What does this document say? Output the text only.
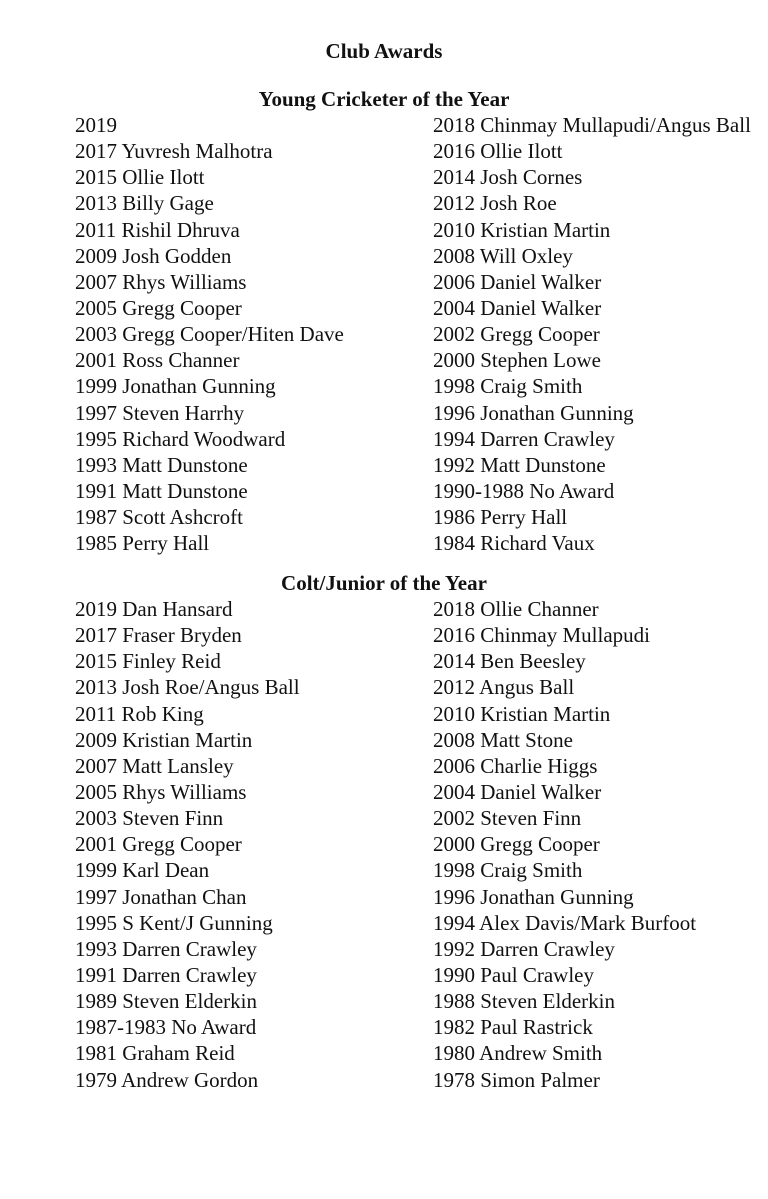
Club Awards
Young Cricketer of the Year
2019	2018 Chinmay Mullapudi/Angus Ball
2017 Yuvresh Malhotra	2016 Ollie Ilott
2015 Ollie Ilott	2014 Josh Cornes
2013 Billy Gage	2012 Josh Roe
2011 Rishil Dhruva	2010 Kristian Martin
2009 Josh Godden	2008 Will Oxley
2007 Rhys Williams	2006 Daniel Walker
2005 Gregg Cooper	2004 Daniel Walker
2003 Gregg Cooper/Hiten Dave	2002 Gregg Cooper
2001 Ross Channer	2000 Stephen Lowe
1999 Jonathan Gunning	1998 Craig Smith
1997 Steven Harrhy	1996 Jonathan Gunning
1995 Richard Woodward	1994 Darren Crawley
1993 Matt Dunstone	1992 Matt Dunstone
1991 Matt Dunstone	1990-1988 No Award
1987 Scott Ashcroft	1986 Perry Hall
1985 Perry Hall	1984 Richard Vaux
Colt/Junior of the Year
2019 Dan Hansard	2018 Ollie Channer
2017 Fraser Bryden	2016 Chinmay Mullapudi
2015 Finley Reid	2014 Ben Beesley
2013 Josh Roe/Angus Ball	2012 Angus Ball
2011 Rob King	2010 Kristian Martin
2009 Kristian Martin	2008 Matt Stone
2007 Matt Lansley	2006 Charlie Higgs
2005 Rhys Williams	2004 Daniel Walker
2003 Steven Finn	2002 Steven Finn
2001 Gregg Cooper	2000 Gregg Cooper
1999 Karl Dean	1998 Craig Smith
1997 Jonathan Chan	1996 Jonathan Gunning
1995 S Kent/J Gunning	1994 Alex Davis/Mark Burfoot
1993 Darren Crawley	1992 Darren Crawley
1991 Darren Crawley	1990 Paul Crawley
1989 Steven Elderkin	1988 Steven Elderkin
1987-1983 No Award	1982 Paul Rastrick
1981 Graham Reid	1980 Andrew Smith
1979 Andrew Gordon	1978 Simon Palmer
